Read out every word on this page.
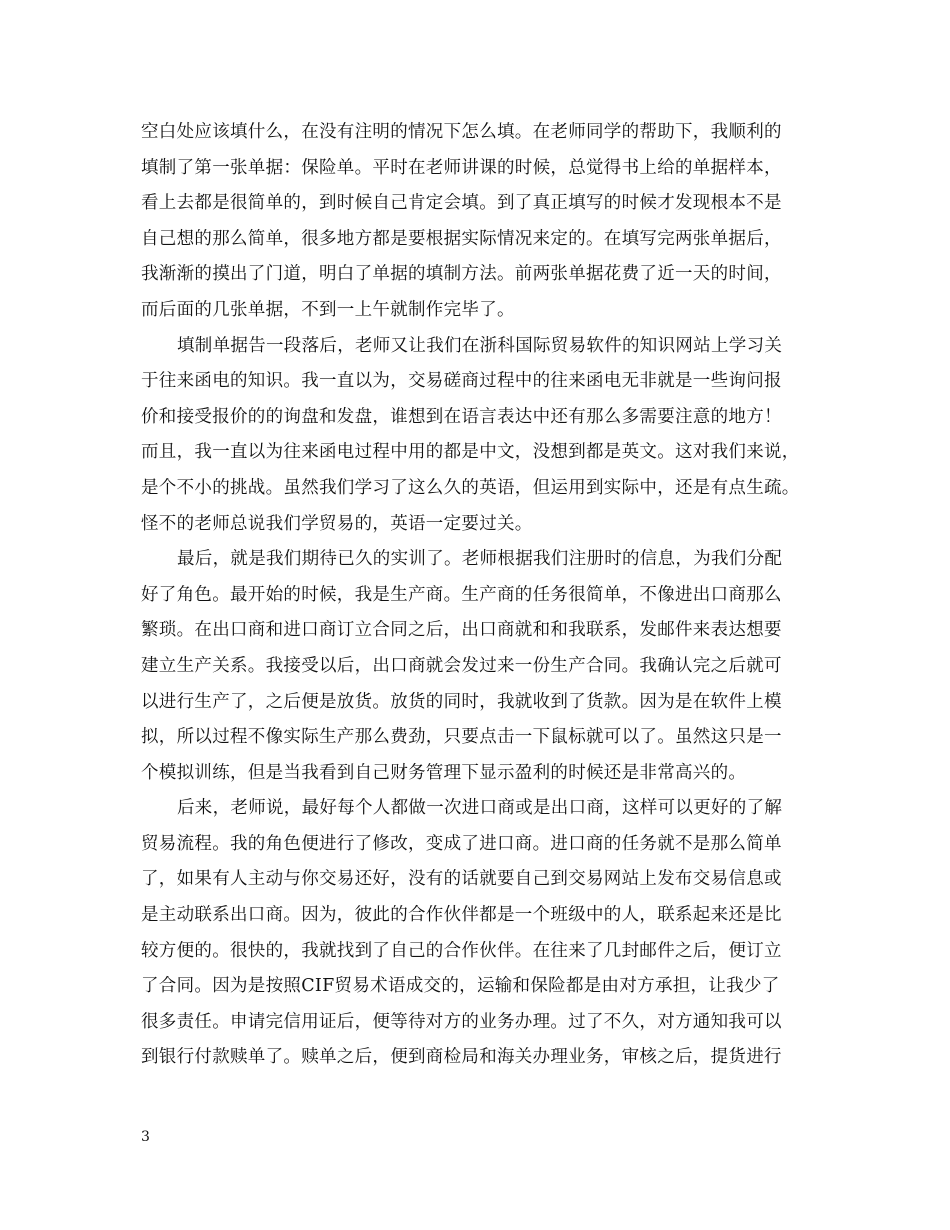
空白处应该填什么，在没有注明的情况下怎么填。在老师同学的帮助下，我顺利的
填制了第一张单据：保险单。平时在老师讲课的时候，总觉得书上给的单据样本，
看上去都是很简单的，到时候自己肯定会填。到了真正填写的时候才发现根本不是
自己想的那么简单，很多地方都是要根据实际情况来定的。在填写完两张单据后，
我渐渐的摸出了门道，明白了单据的填制方法。前两张单据花费了近一天的时间，
而后面的几张单据，不到一上午就制作完毕了。
填制单据告一段落后，老师又让我们在浙科国际贸易软件的知识网站上学习关
于往来函电的知识。我一直以为，交易磋商过程中的往来函电无非就是一些询问报
价和接受报价的的询盘和发盘，谁想到在语言表达中还有那么多需要注意的地方！
而且，我一直以为往来函电过程中用的都是中文，没想到都是英文。这对我们来说，
是个不小的挑战。虽然我们学习了这么久的英语，但运用到实际中，还是有点生疏。
怪不的老师总说我们学贸易的，英语一定要过关。
最后，就是我们期待已久的实训了。老师根据我们注册时的信息，为我们分配
好了角色。最开始的时候，我是生产商。生产商的任务很简单，不像进出口商那么
繁琐。在出口商和进口商订立合同之后，出口商就和和我联系，发邮件来表达想要
建立生产关系。我接受以后，出口商就会发过来一份生产合同。我确认完之后就可
以进行生产了，之后便是放货。放货的同时，我就收到了货款。因为是在软件上模
拟，所以过程不像实际生产那么费劲，只要点击一下鼠标就可以了。虽然这只是一
个模拟训练，但是当我看到自己财务管理下显示盈利的时候还是非常高兴的。
后来，老师说，最好每个人都做一次进口商或是出口商，这样可以更好的了解
贸易流程。我的角色便进行了修改，变成了进口商。进口商的任务就不是那么简单
了，如果有人主动与你交易还好，没有的话就要自己到交易网站上发布交易信息或
是主动联系出口商。因为，彼此的合作伙伴都是一个班级中的人，联系起来还是比
较方便的。很快的，我就找到了自己的合作伙伴。在往来了几封邮件之后，便订立
了合同。因为是按照CIF贸易术语成交的，运输和保险都是由对方承担，让我少了
很多责任。申请完信用证后，便等待对方的业务办理。过了不久，对方通知我可以
到银行付款赎单了。赎单之后，便到商检局和海关办理业务，审核之后，提货进行
3
